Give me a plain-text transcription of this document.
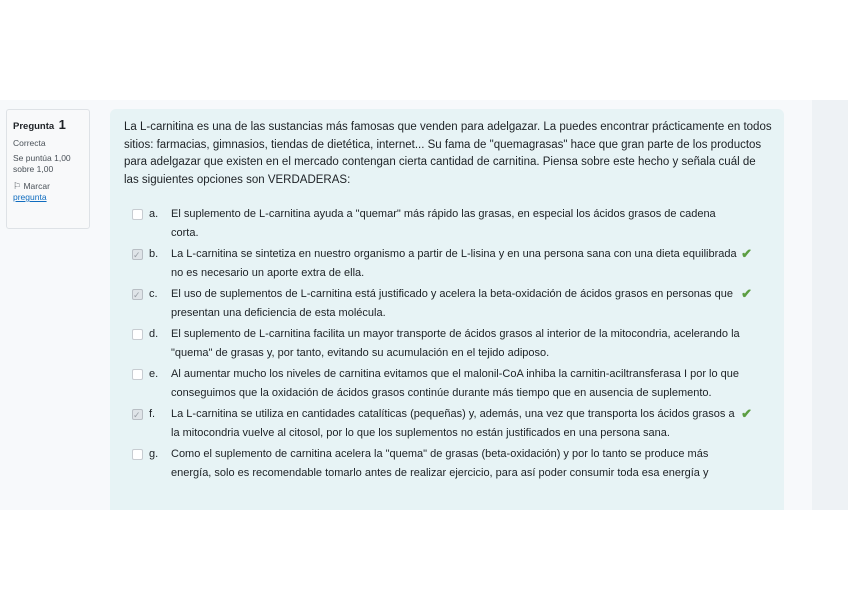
Pregunta 1
Correcta
Se puntúa 1,00
sobre 1,00
⚐ Marcar
pregunta

La L-carnitina es una de las sustancias más famosas que venden para adelgazar. La puedes encontrar prácticamente en todos sitios: farmacias, gimnasios, tiendas de dietética, internet... Su fama de "quemagrasas" hace que gran parte de los productos para adelgazar que existen en el mercado contengan cierta cantidad de carnitina. Piensa sobre este hecho y señala cuál de las siguientes opciones son VERDADERAS:

a. El suplemento de L-carnitina ayuda a "quemar" más rápido las grasas, en especial los ácidos grasos de cadena corta.
✓
b. La L-carnitina se sintetiza en nuestro organismo a partir de L-lisina y en una persona sana con una dieta equilibrada no es necesario un aporte extra de ella.
✔
✓
c. El uso de suplementos de L-carnitina está justificado y acelera la beta-oxidación de ácidos grasos en personas que presentan una deficiencia de esta molécula.
✔
d. El suplemento de L-carnitina facilita un mayor transporte de ácidos grasos al interior de la mitocondria, acelerando la "quema" de grasas y, por tanto, evitando su acumulación en el tejido adiposo.
e. Al aumentar mucho los niveles de carnitina evitamos que el malonil-CoA inhiba la carnitin-aciltransferasa I por lo que conseguimos que la oxidación de ácidos grasos continúe durante más tiempo que en ausencia de suplemento.
✓
f. La L-carnitina se utiliza en cantidades catalíticas (pequeñas) y, además, una vez que transporta los ácidos grasos a la mitocondria vuelve al citosol, por lo que los suplementos no están justificados en una persona sana.
✔
g. Como el suplemento de carnitina acelera la "quema" de grasas (beta-oxidación) y por lo tanto se produce más energía, solo es recomendable tomarlo antes de realizar ejercicio, para así poder consumir toda esa energía y
